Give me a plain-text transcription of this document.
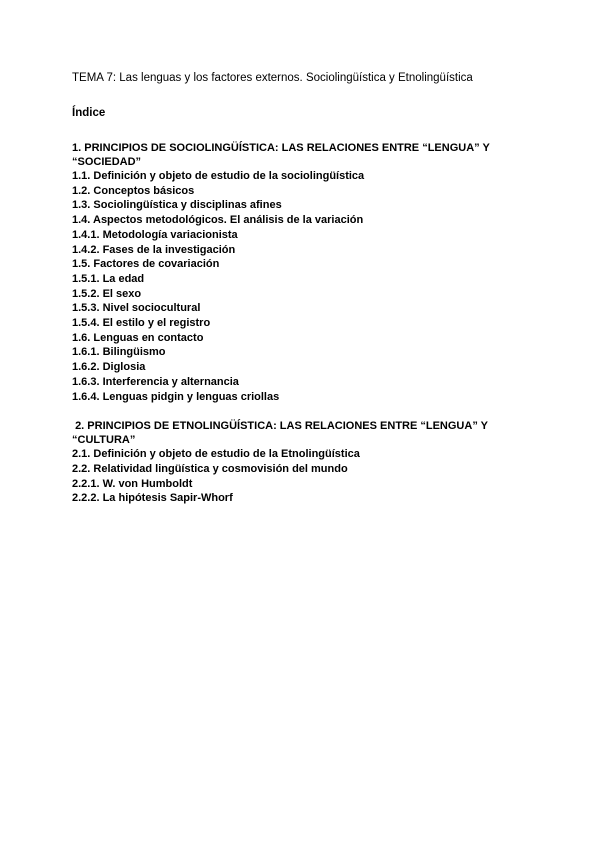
TEMA 7: Las lenguas y los factores externos. Sociolingüística y Etnolingüística

Índice

1. PRINCIPIOS DE SOCIOLINGÜÍSTICA: LAS RELACIONES ENTRE “LENGUA” Y “SOCIEDAD”

1.1. Definición y objeto de estudio de la sociolingüística

1.2. Conceptos básicos

1.3. Sociolingüística y disciplinas afines

1.4. Aspectos metodológicos. El análisis de la variación

1.4.1. Metodología variacionista

1.4.2. Fases de la investigación

1.5. Factores de covariación

1.5.1. La edad

1.5.2. El sexo

1.5.3. Nivel sociocultural

1.5.4. El estilo y el registro

1.6. Lenguas en contacto

1.6.1. Bilingüismo

1.6.2. Diglosia

1.6.3. Interferencia y alternancia

1.6.4. Lenguas pidgin y lenguas criollas

2. PRINCIPIOS DE ETNOLINGÜÍSTICA: LAS RELACIONES ENTRE “LENGUA” Y “CULTURA”

2.1. Definición y objeto de estudio de la Etnolingüística

2.2. Relatividad lingüística y cosmovisión del mundo

2.2.1. W. von Humboldt

2.2.2. La hipótesis Sapir-Whorf
